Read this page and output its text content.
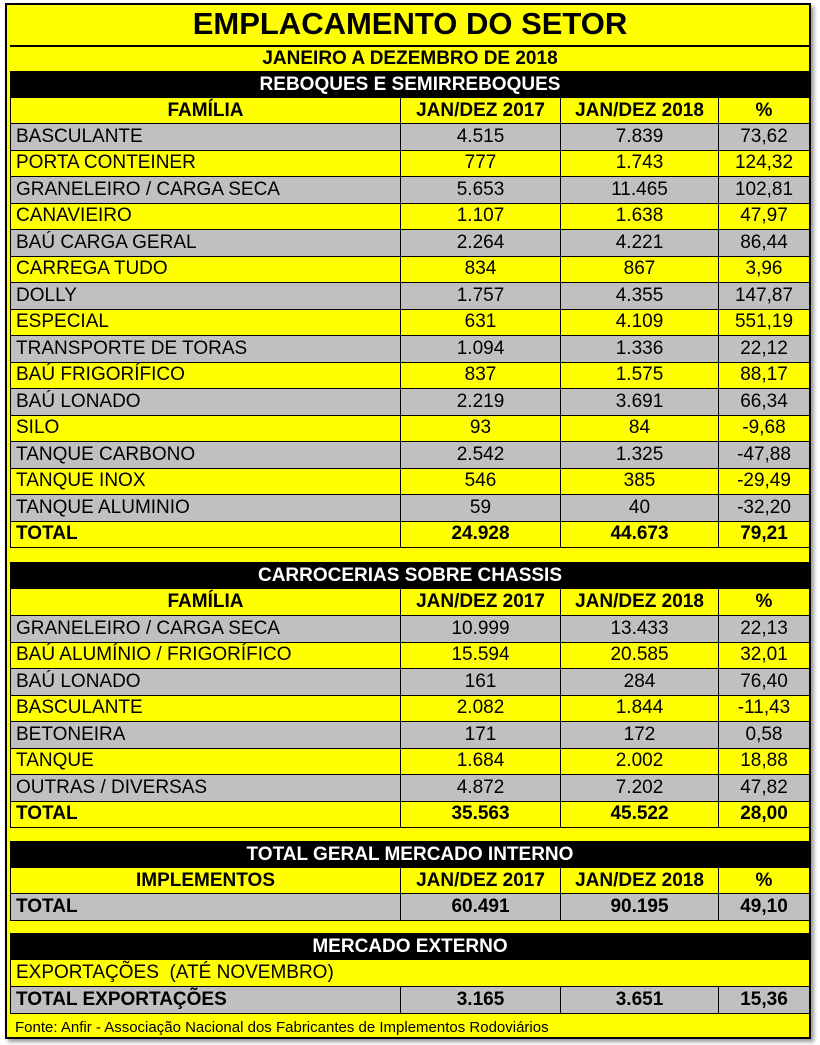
EMPLACAMENTO DO SETOR
JANEIRO A DEZEMBRO DE 2018
REBOQUES E SEMIRREBOQUES
FAMÍLIA	JAN/DEZ 2017	JAN/DEZ 2018	%
BASCULANTE	4.515	7.839	73,62
PORTA CONTEINER	777	1.743	124,32
GRANELEIRO / CARGA SECA	5.653	11.465	102,81
CANAVIEIRO	1.107	1.638	47,97
BAÚ CARGA GERAL	2.264	4.221	86,44
CARREGA TUDO	834	867	3,96
DOLLY	1.757	4.355	147,87
ESPECIAL	631	4.109	551,19
TRANSPORTE DE TORAS	1.094	1.336	22,12
BAÚ FRIGORÍFICO	837	1.575	88,17
BAÚ LONADO	2.219	3.691	66,34
SILO	93	84	-9,68
TANQUE CARBONO	2.542	1.325	-47,88
TANQUE INOX	546	385	-29,49
TANQUE ALUMINIO	59	40	-32,20
TOTAL	24.928	44.673	79,21
CARROCERIAS SOBRE CHASSIS
FAMÍLIA	JAN/DEZ 2017	JAN/DEZ 2018	%
GRANELEIRO / CARGA SECA	10.999	13.433	22,13
BAÚ ALUMÍNIO / FRIGORÍFICO	15.594	20.585	32,01
BAÚ LONADO	161	284	76,40
BASCULANTE	2.082	1.844	-11,43
BETONEIRA	171	172	0,58
TANQUE	1.684	2.002	18,88
OUTRAS / DIVERSAS	4.872	7.202	47,82
TOTAL	35.563	45.522	28,00
TOTAL GERAL MERCADO INTERNO
IMPLEMENTOS	JAN/DEZ 2017	JAN/DEZ 2018	%
TOTAL	60.491	90.195	49,10
MERCADO EXTERNO
EXPORTAÇÕES  (ATÉ NOVEMBRO)
TOTAL EXPORTAÇÕES	3.165	3.651	15,36
Fonte: Anfir - Associação Nacional dos Fabricantes de Implementos Rodoviários
